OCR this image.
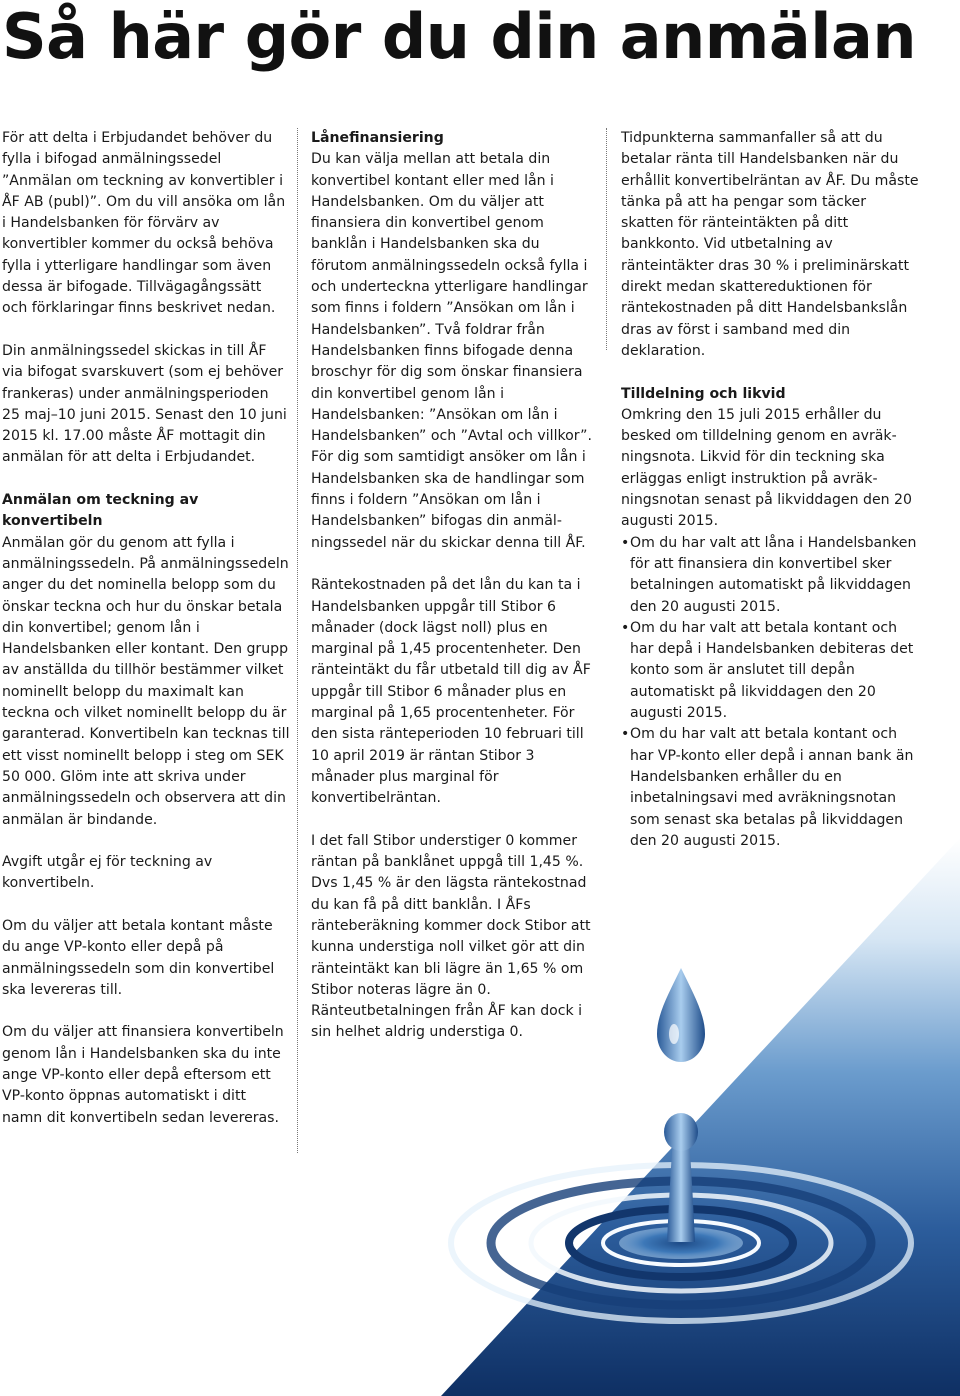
Så här gör du din anmälan

För att delta i Erbjudandet behöver du fylla i bifogad anmälningssedel ”Anmälan om teckning av konvertibler i ÅF AB (publ)”. Om du vill ansöka om lån i Handelsbanken för förvärv av konvertibler kommer du också behöva fylla i ytterligare handlingar som även dessa är bifogade. Tillvägagångssätt och förklaringar finns beskrivet nedan.

Din anmälningssedel skickas in till ÅF via bifogat svarskuvert (som ej behöver frankeras) under anmälningsperioden 25 maj–10 juni 2015. Senast den 10 juni 2015 kl. 17.00 måste ÅF mottagit din anmälan för att delta i Erbjudandet.

Anmälan om teckning av konvertibeln

Anmälan gör du genom att fylla i anmälningssedeln. På anmälningssedeln anger du det nominella belopp som du önskar teckna och hur du önskar betala din konvertibel; genom lån i Handelsbanken eller kontant. Den grupp av anställda du tillhör bestämmer vilket nominellt belopp du maximalt kan teckna och vilket nominellt belopp du är garanterad. Konvertibeln kan tecknas till ett visst nominellt belopp i steg om SEK 50 000. Glöm inte att skriva under anmälningssedeln och observera att din anmälan är bindande.

Avgift utgår ej för teckning av konvertibeln.

Om du väljer att betala kontant måste du ange VP-konto eller depå på anmälningssedeln som din konvertibel ska levereras till.

Om du väljer att finansiera konvertibeln genom lån i Handelsbanken ska du inte ange VP-konto eller depå eftersom ett VP-konto öppnas automatiskt i ditt namn dit konvertibeln sedan levereras.

Lånefinansiering

Du kan välja mellan att betala din konvertibel kontant eller med lån i Handelsbanken. Om du väljer att finansiera din konvertibel genom banklån i Handelsbanken ska du förutom anmälningssedeln också fylla i och underteckna ytterligare handlingar som finns i foldern ”Ansökan om lån i Handelsbanken”. Två foldrar från Handelsbanken finns bifogade denna broschyr för dig som önskar finansiera din konvertibel genom lån i Handelsbanken: ”Ansökan om lån i Handelsbanken” och ”Avtal och villkor”. För dig som samtidigt ansöker om lån i Handelsbanken ska de handlingar som finns i foldern ”Ansökan om lån i Handelsbanken” bifogas din anmälningssedel när du skickar denna till ÅF.

Räntekostnaden på det lån du kan ta i Handelsbanken uppgår till Stibor 6 månader (dock lägst noll) plus en marginal på 1,45 procentenheter. Den ränteintäkt du får utbetald till dig av ÅF uppgår till Stibor 6 månader plus en marginal på 1,65 procentenheter. För den sista ränteperioden 10 februari till 10 april 2019 är räntan Stibor 3 månader plus marginal för konvertibelräntan.

I det fall Stibor understiger 0 kommer räntan på banklånet uppgå till 1,45 %. Dvs 1,45 % är den lägsta räntekostnad du kan få på ditt banklån. I ÅFs ränteberäkning kommer dock Stibor att kunna understiga noll vilket gör att din ränteintäkt kan bli lägre än 1,65 % om Stibor noteras lägre än 0. Ränteutbetalningen från ÅF kan dock i sin helhet aldrig understiga 0.

Tidpunkterna sammanfaller så att du betalar ränta till Handelsbanken när du erhållit konvertibelräntan av ÅF. Du måste tänka på att ha pengar som täcker skatten för ränteintäkten på ditt bankkonto. Vid utbetalning av ränteintäkter dras 30 % i preliminärskatt direkt medan skattereduktionen för räntekostnaden på ditt Handelsbankslån dras av först i samband med din deklaration.

Tilldelning och likvid

Omkring den 15 juli 2015 erhåller du besked om tilldelning genom en avräkningsnota. Likvid för din teckning ska erläggas enligt instruktion på avräkningsnotan senast på likviddagen den 20 augusti 2015.

• Om du har valt att låna i Handelsbanken för att finansiera din konvertibel sker betalningen automatiskt på likviddagen den 20 augusti 2015.
• Om du har valt att betala kontant och har depå i Handelsbanken debiteras det konto som är anslutet till depån automatiskt på likviddagen den 20 augusti 2015.
• Om du har valt att betala kontant och har VP-konto eller depå i annan bank än Handelsbanken erhåller du en inbetalningsavi med avräkningsnotan som senast ska betalas på likviddagen den 20 augusti 2015.
